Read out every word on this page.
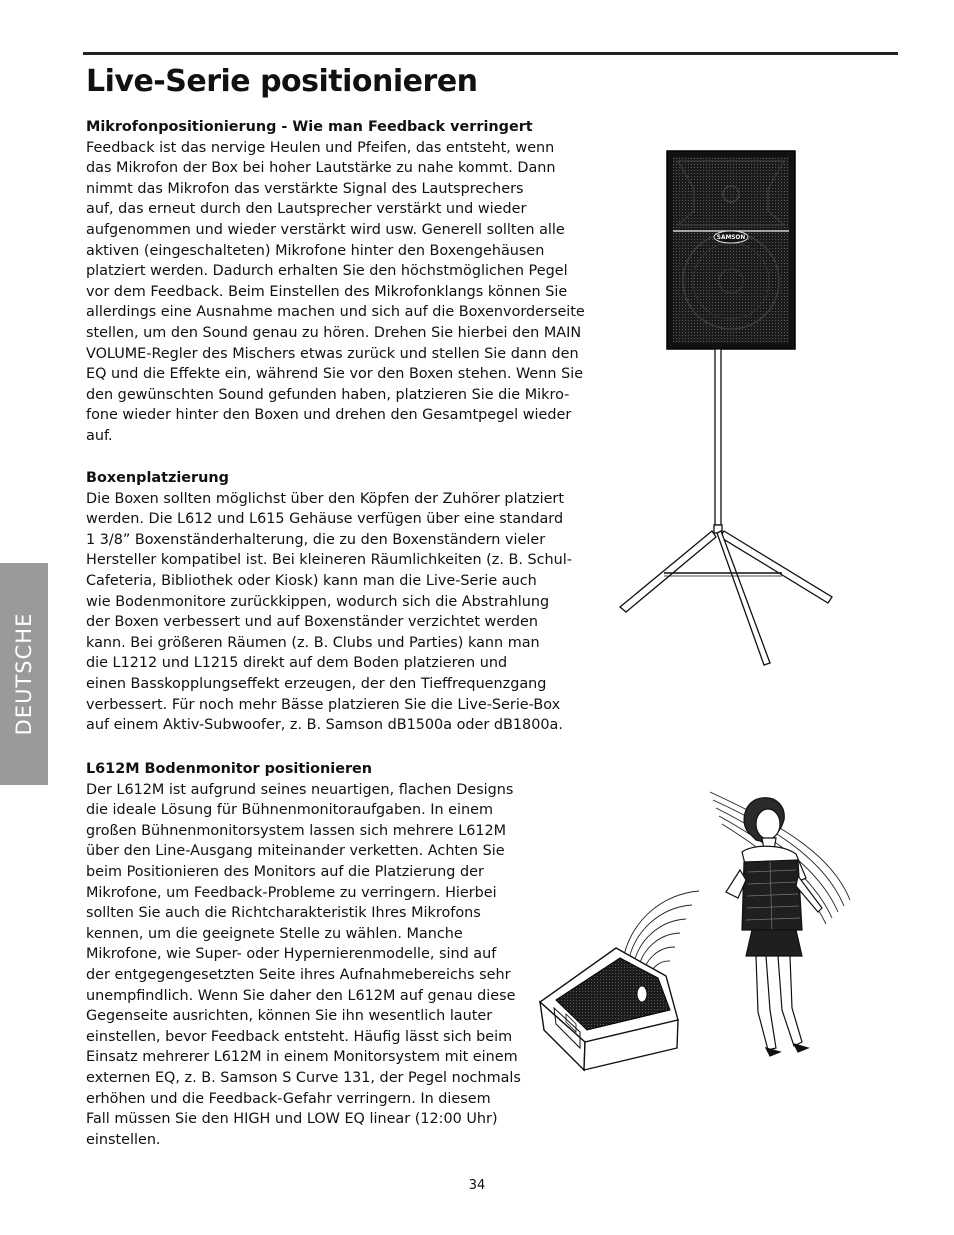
Live-Serie positionieren
Mikrofonpositionierung - Wie man Feedback verringert

Feedback ist das nervige Heulen und Pfeifen, das entsteht, wenn
das Mikrofon der Box bei hoher Lautstärke zu nahe kommt. Dann
nimmt das Mikrofon das verstärkte Signal des Lautsprechers
auf, das erneut durch den Lautsprecher verstärkt und wieder
aufgenommen und wieder verstärkt wird usw. Generell sollten alle
aktiven (eingeschalteten) Mikrofone hinter den Boxengehäusen
platziert werden. Dadurch erhalten Sie den höchstmöglichen Pegel
vor dem Feedback. Beim Einstellen des Mikrofonklangs können Sie
allerdings eine Ausnahme machen und sich auf die Boxenvorderseite
stellen, um den Sound genau zu hören. Drehen Sie hierbei den MAIN
VOLUME-Regler des Mischers etwas zurück und stellen Sie dann den
EQ und die Effekte ein, während Sie vor den Boxen stehen. Wenn Sie
den gewünschten Sound gefunden haben, platzieren Sie die Mikro-
fone wieder hinter den Boxen und drehen den Gesamtpegel wieder
auf.

Boxenplatzierung

Die Boxen sollten möglichst über den Köpfen der Zuhörer platziert
werden. Die L612 und L615 Gehäuse verfügen über eine standard
1 3/8” Boxenständerhalterung, die zu den Boxenständern vieler
Hersteller kompatibel ist. Bei kleineren Räumlichkeiten (z. B. Schul-
Cafeteria, Bibliothek oder Kiosk) kann man die Live-Serie auch
wie Bodenmonitore zurückkippen, wodurch sich die Abstrahlung
der Boxen verbessert und auf Boxenständer verzichtet werden
kann. Bei größeren Räumen (z. B. Clubs und Parties) kann man
die L1212 und L1215 direkt auf dem Boden platzieren und
einen Basskopplungseffekt erzeugen, der den Tieffrequenzgang
verbessert. Für noch mehr Bässe platzieren Sie die Live-Serie-Box
auf einem Aktiv-Subwoofer, z. B. Samson dB1500a oder dB1800a.

L612M Bodenmonitor positionieren

Der L612M ist aufgrund seines neuartigen, flachen Designs
die ideale Lösung für Bühnenmonitoraufgaben. In einem
großen Bühnenmonitorsystem lassen sich mehrere L612M
über den Line-Ausgang miteinander verketten. Achten Sie
beim Positionieren des Monitors auf die Platzierung der
Mikrofone, um Feedback-Probleme zu verringern. Hierbei
sollten Sie auch die Richtcharakteristik Ihres Mikrofons
kennen, um die geeignete Stelle zu wählen. Manche
Mikrofone, wie Super- oder Hypernierenmodelle, sind auf
der entgegengesetzten Seite ihres Aufnahmebereichs sehr
unempfindlich. Wenn Sie daher den L612M auf genau diese
Gegenseite ausrichten, können Sie ihn wesentlich lauter
einstellen, bevor Feedback entsteht. Häufig lässt sich beim
Einsatz mehrerer L612M in einem Monitorsystem mit einem
externen EQ, z. B. Samson S Curve 131, der Pegel nochmals
erhöhen und die Feedback-Gefahr verringern. In diesem
Fall müssen Sie den HIGH und LOW EQ linear (12:00 Uhr)
einstellen.

DEUTSCHE
SAMSON
34
